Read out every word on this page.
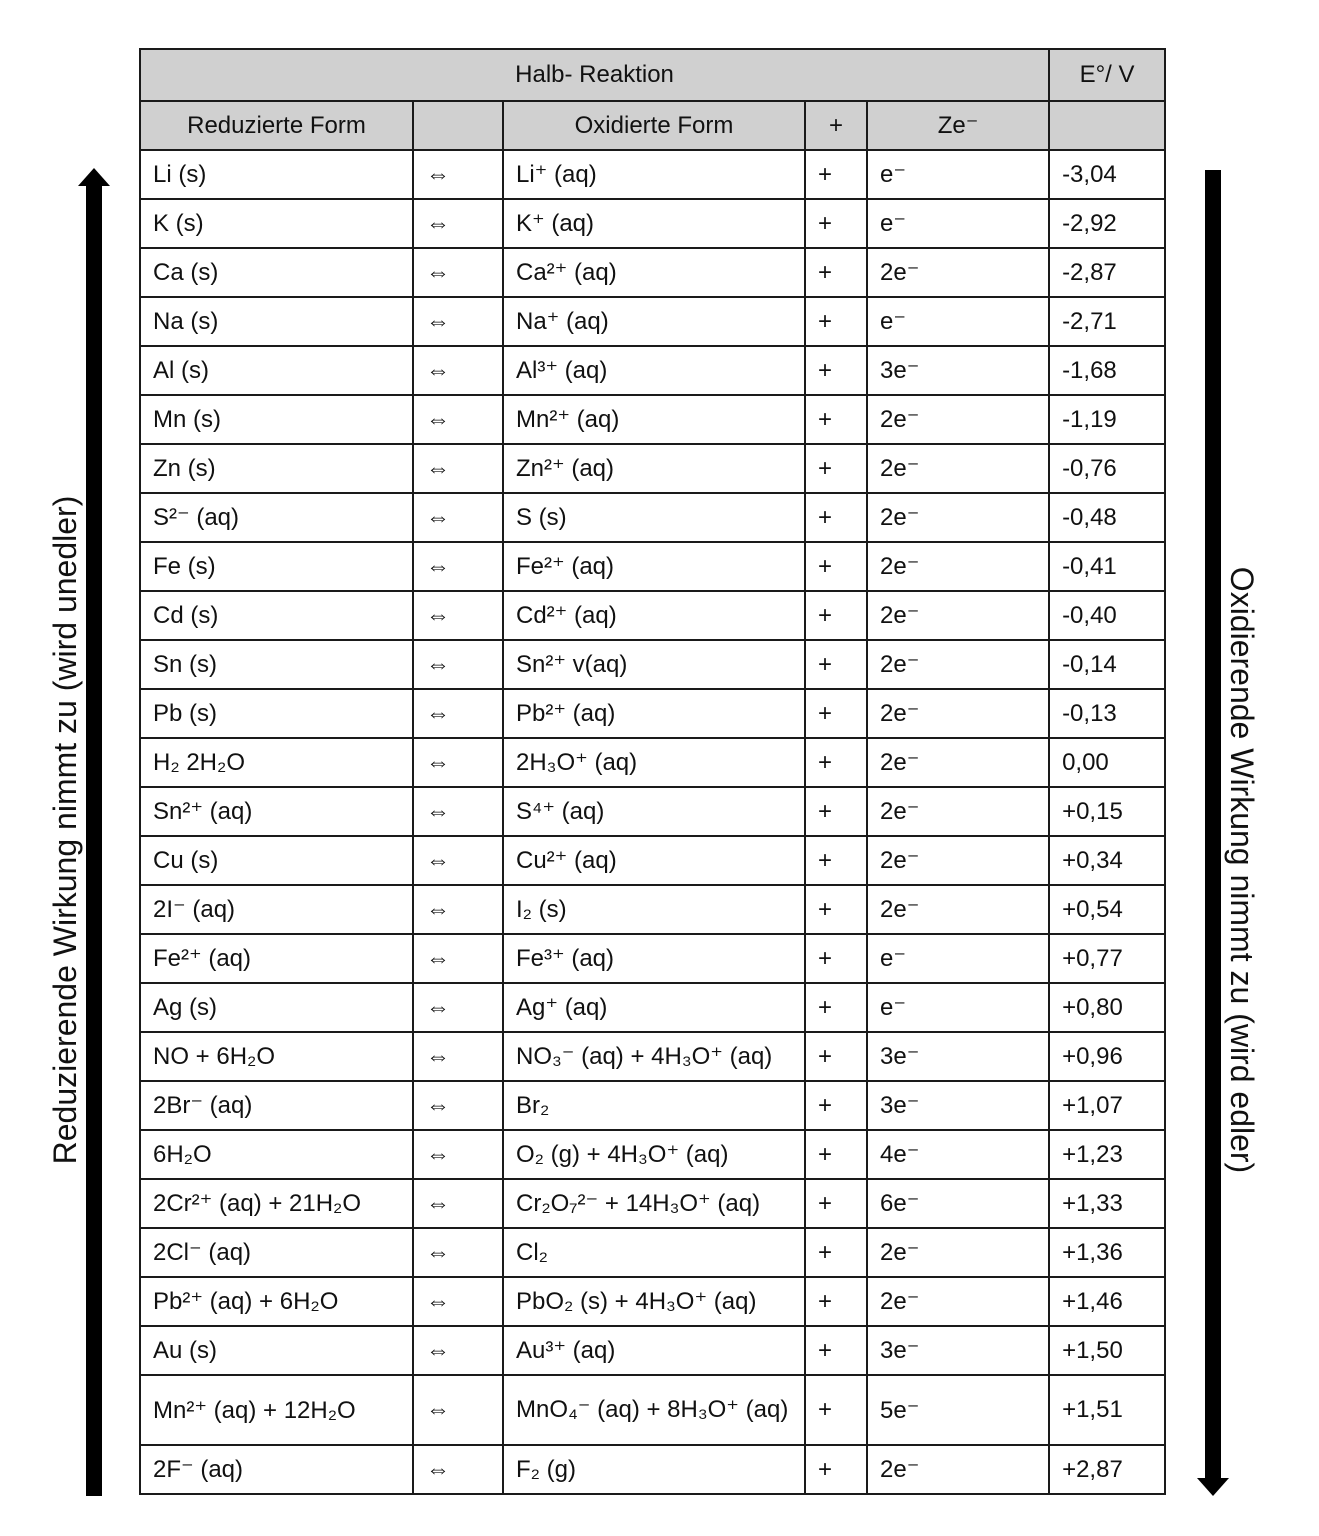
Halb- Reaktion					E°/ V
Reduzierte Form		Oxidierte Form	+	Ze⁻	
Li (s)	⇔	Li⁺ (aq)	+	e⁻	-3,04
K (s)	⇔	K⁺ (aq)	+	e⁻	-2,92
Ca (s)	⇔	Ca²⁺ (aq)	+	2e⁻	-2,87
Na (s)	⇔	Na⁺ (aq)	+	e⁻	-2,71
Al (s)	⇔	Al³⁺ (aq)	+	3e⁻	-1,68
Mn (s)	⇔	Mn²⁺ (aq)	+	2e⁻	-1,19
Zn (s)	⇔	Zn²⁺ (aq)	+	2e⁻	-0,76
S²⁻ (aq)	⇔	S (s)	+	2e⁻	-0,48
Fe (s)	⇔	Fe²⁺ (aq)	+	2e⁻	-0,41
Cd (s)	⇔	Cd²⁺ (aq)	+	2e⁻	-0,40
Sn (s)	⇔	Sn²⁺ v(aq)	+	2e⁻	-0,14
Pb (s)	⇔	Pb²⁺ (aq)	+	2e⁻	-0,13
H₂ 2H₂O	⇔	2H₃O⁺ (aq)	+	2e⁻	0,00
Sn²⁺ (aq)	⇔	S⁴⁺ (aq)	+	2e⁻	+0,15
Cu (s)	⇔	Cu²⁺ (aq)	+	2e⁻	+0,34
2I⁻ (aq)	⇔	I₂ (s)	+	2e⁻	+0,54
Fe²⁺ (aq)	⇔	Fe³⁺ (aq)	+	e⁻	+0,77
Ag (s)	⇔	Ag⁺ (aq)	+	e⁻	+0,80
NO + 6H₂O	⇔	NO₃⁻ (aq) + 4H₃O⁺ (aq)	+	3e⁻	+0,96
2Br⁻ (aq)	⇔	Br₂	+	3e⁻	+1,07
6H₂O	⇔	O₂ (g) + 4H₃O⁺ (aq)	+	4e⁻	+1,23
2Cr²⁺ (aq) + 21H₂O	⇔	Cr₂O₇²⁻ + 14H₃O⁺ (aq)	+	6e⁻	+1,33
2Cl⁻ (aq)	⇔	Cl₂	+	2e⁻	+1,36
Pb²⁺ (aq) + 6H₂O	⇔	PbO₂ (s) + 4H₃O⁺ (aq)	+	2e⁻	+1,46
Au (s)	⇔	Au³⁺ (aq)	+	3e⁻	+1,50
Mn²⁺ (aq) + 12H₂O	⇔	MnO₄⁻ (aq) + 8H₃O⁺ (aq)	+	5e⁻	+1,51
2F⁻ (aq)	⇔	F₂ (g)	+	2e⁻	+2,87
Reduzierende Wirkung nimmt zu (wird unedler)	Oxidierende Wirkung nimmt zu (wird edler)
